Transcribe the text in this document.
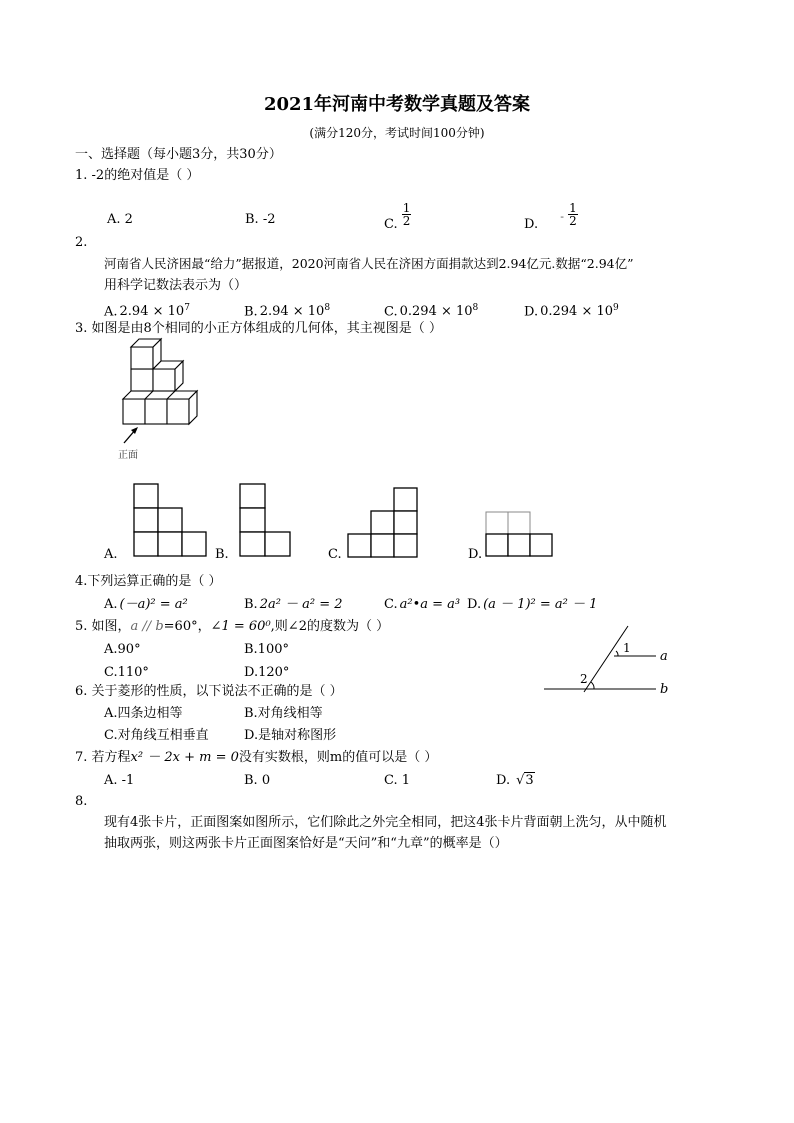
2021年河南中考数学真题及答案
(满分120分，考试时间100分钟)
一、选择题（每小题3分，共30分）
1. -2的绝对值是（ ）
A. 2	B. -2	C. $\frac{1}{2}$	D. $^- \frac{1}{2}$
2.
河南省人民济困最“给力”据报道，2020河南省人民在济困方面捐款达到2.94亿元.数据“2.94亿”
用科学记数法表示为（）
A. $2.94 \times 10^7$	B. $2.94 \times 10^8$	C. $0.294 \times 10^8$	D. $0.294 \times 10^9$
3. 如图是由8个相同的小正方体组成的几何体，其主视图是（ ）
正面
A.	B.	C.	D.
4.下列运算正确的是（ ）
A. (－a)² = a²	B. 2a² － a² = 2	C. a²•a = a³ D. (a － 1)² = a² － 1
5. 如图，a // b=60°，∠1 = 60⁰,则∠2的度数为（ ）
A.90°	B.100°
C.110°	D.120°
1
2
a
b
6. 关于菱形的性质，以下说法不正确的是（ ）
A.四条边相等	B.对角线相等
C.对角线互相垂直	D.是轴对称图形
7. 若方程x² － 2x + m = 0没有实数根，则m的值可以是（ ）
A. -1	B. 0	C. 1	D. √3
8.
现有4张卡片，正面图案如图所示，它们除此之外完全相同，把这4张卡片背面朝上洗匀，从中随机
抽取两张，则这两张卡片正面图案恰好是“天问”和“九章”的概率是（）
